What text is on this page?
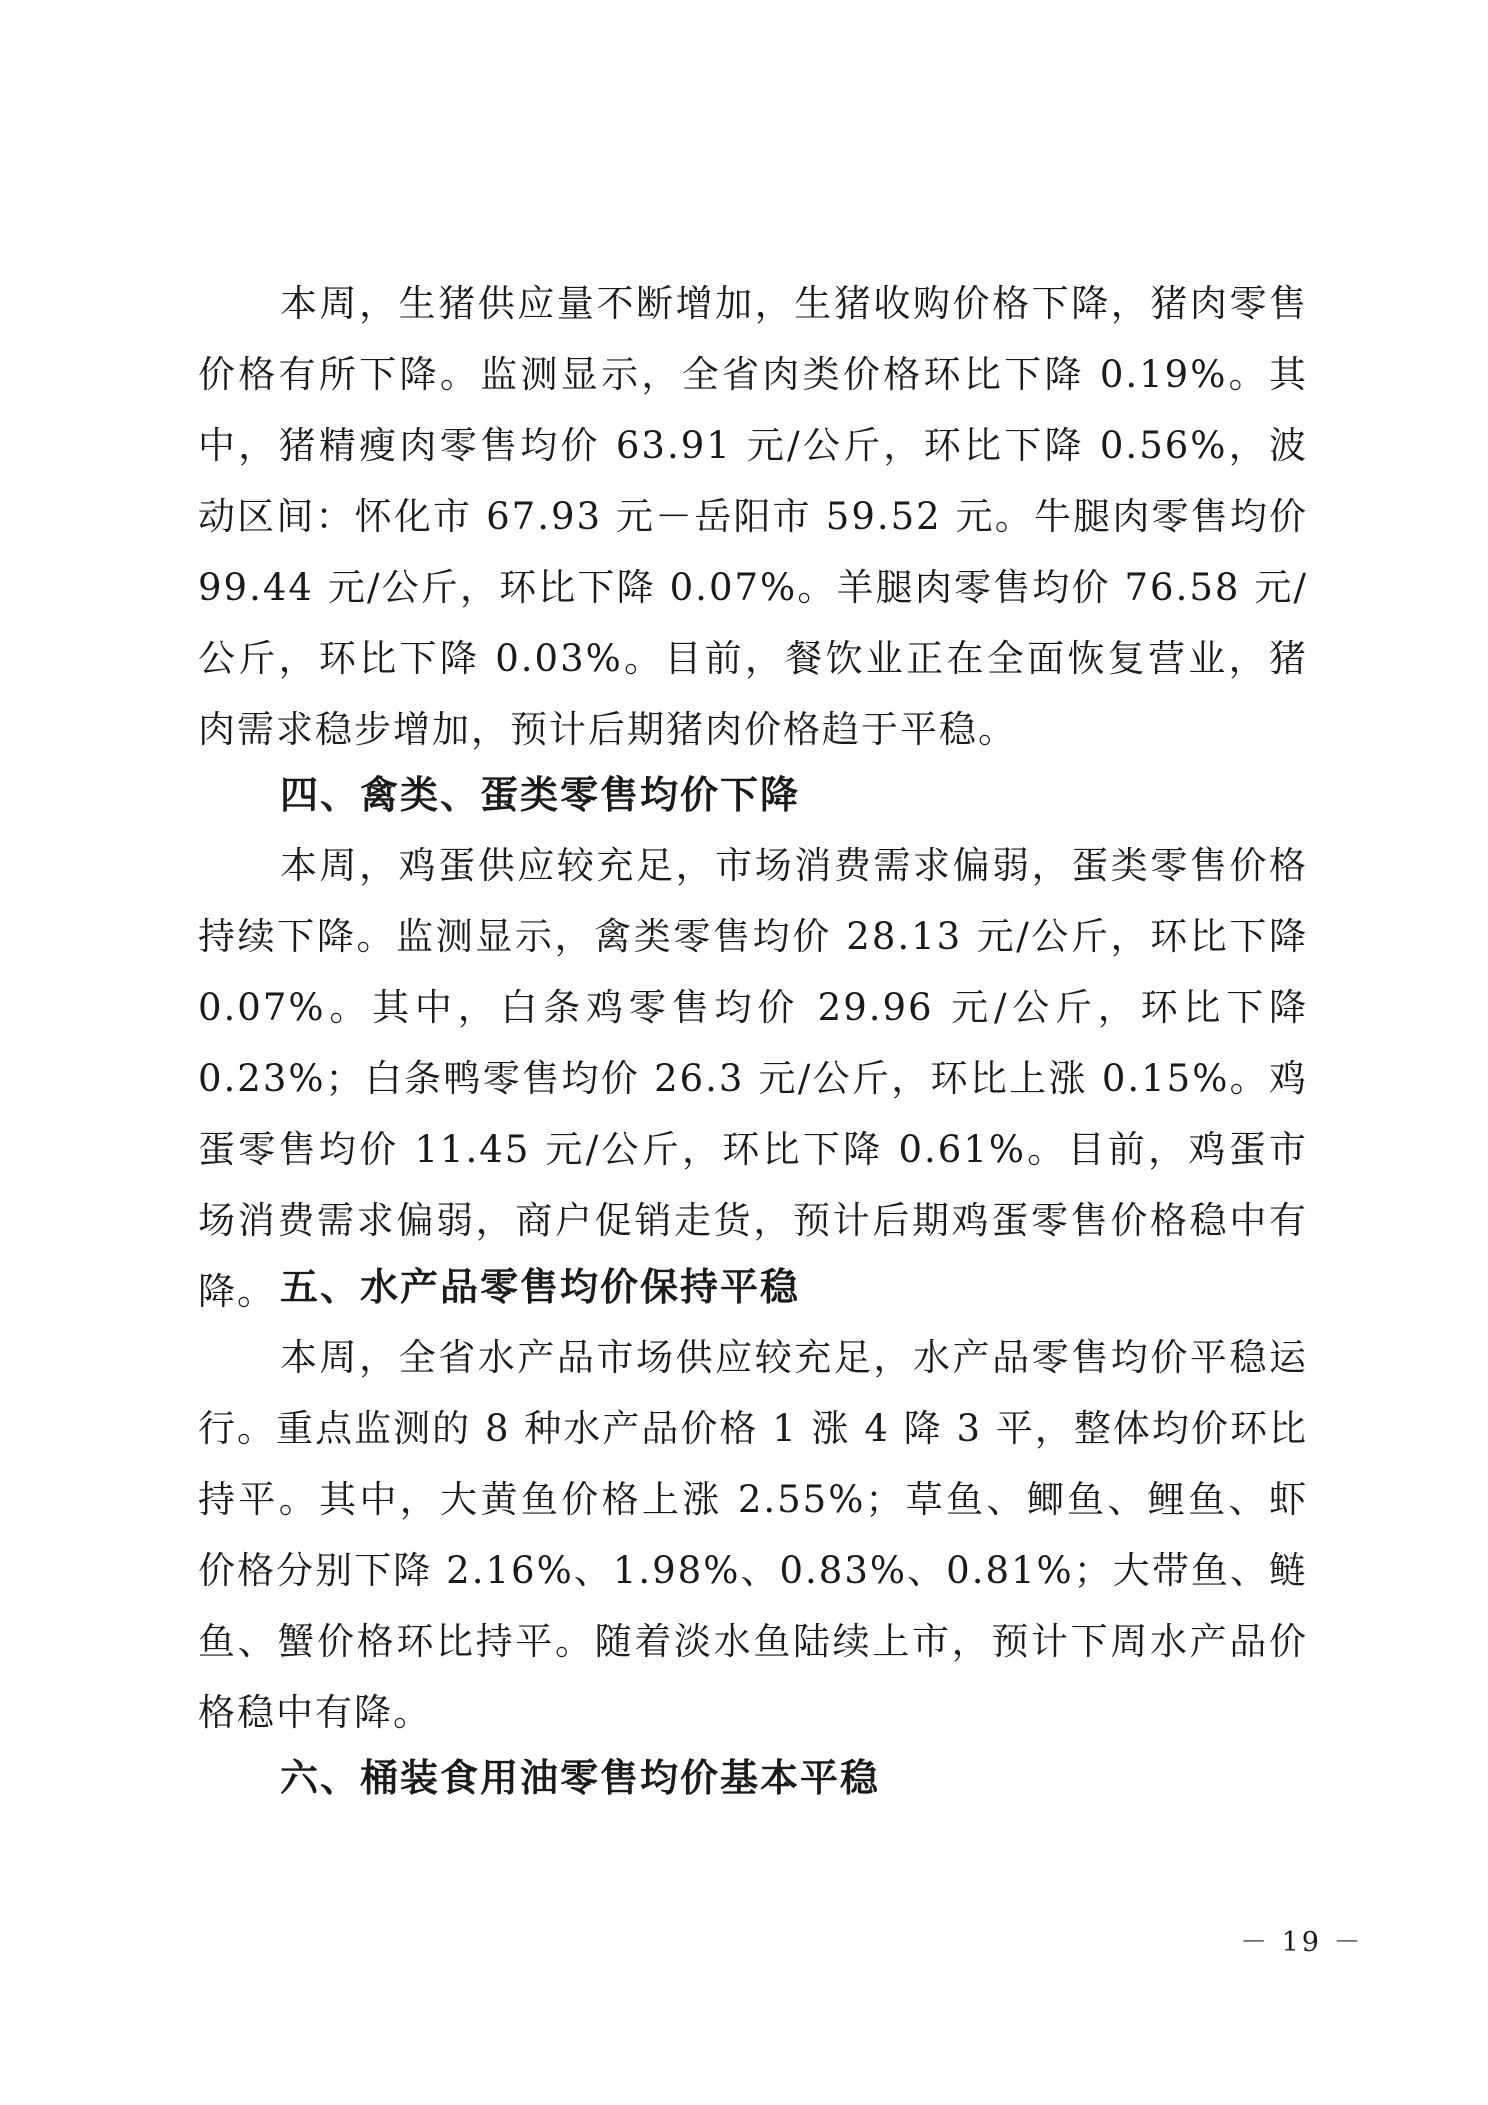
本周，生猪供应量不断增加，生猪收购价格下降，猪肉零售价格有所下降。监测显示，全省肉类价格环比下降 0.19%。其中，猪精瘦肉零售均价 63.91 元/公斤，环比下降 0.56%，波动区间：怀化市 67.93 元－岳阳市 59.52 元。牛腿肉零售均价 99.44 元/公斤，环比下降 0.07%。羊腿肉零售均价 76.58 元/公斤，环比下降 0.03%。目前，餐饮业正在全面恢复营业，猪肉需求稳步增加，预计后期猪肉价格趋于平稳。

四、禽类、蛋类零售均价下降

本周，鸡蛋供应较充足，市场消费需求偏弱，蛋类零售价格持续下降。监测显示，禽类零售均价 28.13 元/公斤，环比下降 0.07%。其中，白条鸡零售均价 29.96 元/公斤，环比下降 0.23%；白条鸭零售均价 26.3 元/公斤，环比上涨 0.15%。鸡蛋零售均价 11.45 元/公斤，环比下降 0.61%。目前，鸡蛋市场消费需求偏弱，商户促销走货，预计后期鸡蛋零售价格稳中有降。 五、水产品零售均价保持平稳

本周，全省水产品市场供应较充足，水产品零售均价平稳运行。重点监测的 8 种水产品价格 1 涨 4 降 3 平，整体均价环比持平。其中，大黄鱼价格上涨 2.55%；草鱼、鲫鱼、鲤鱼、虾价格分别下降 2.16%、1.98%、0.83%、0.81%；大带鱼、鲢鱼、蟹价格环比持平。随着淡水鱼陆续上市，预计下周水产品价格稳中有降。

六、桶装食用油零售均价基本平稳
－ 19 －
